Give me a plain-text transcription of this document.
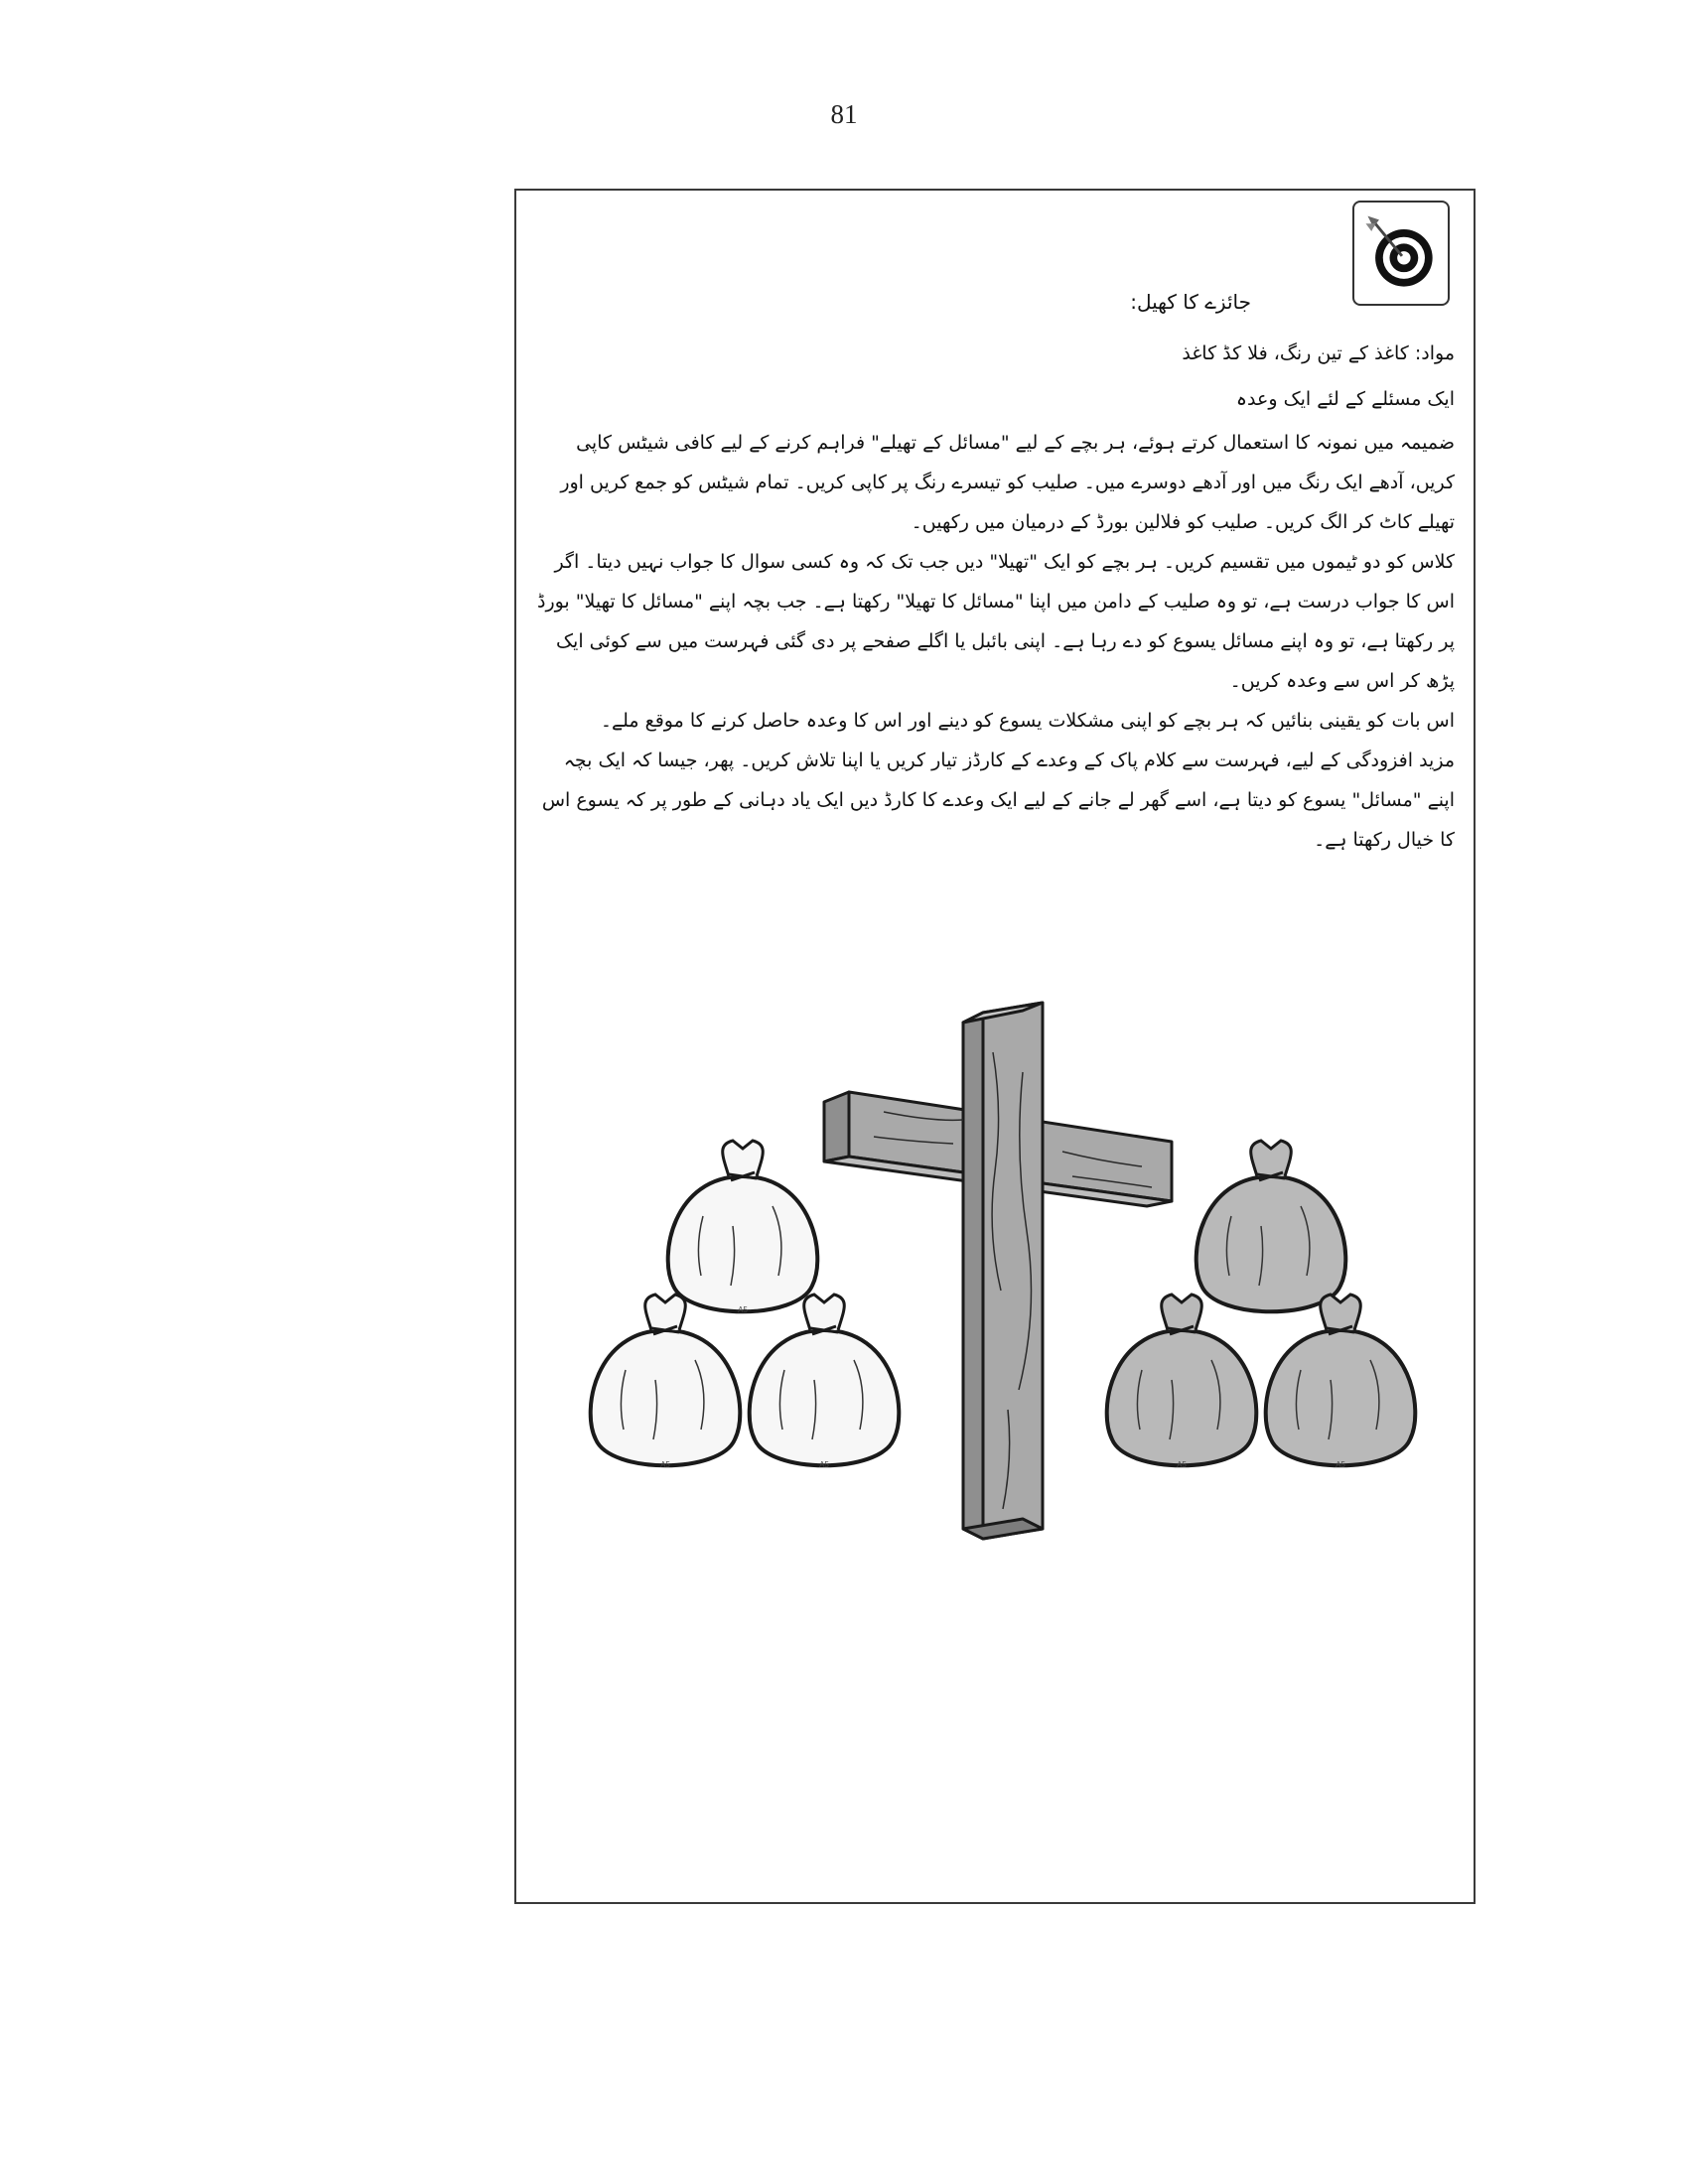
81
جائزے کا کھیل:

مواد: کاغذ کے تین رنگ، فلا کڈ کاغذ

ایک مسئلے کے لئے ایک وعدہ

ضمیمہ میں نمونہ کا استعمال کرتے ہوئے، ہر بچے کے لیے "مسائل کے تھیلے" فراہم کرنے کے لیے کافی شیٹس کاپی کریں، آدھے ایک رنگ میں اور آدھے دوسرے میں۔ صلیب کو تیسرے رنگ پر کاپی کریں۔ تمام شیٹس کو جمع کریں اور تھیلے کاٹ کر الگ کریں۔ صلیب کو فلالین بورڈ کے درمیان میں رکھیں۔

کلاس کو دو ٹیموں میں تقسیم کریں۔ ہر بچے کو ایک "تھیلا" دیں جب تک کہ وہ کسی سوال کا جواب نہیں دیتا۔ اگر اس کا جواب درست ہے، تو وہ صلیب کے دامن میں اپنا "مسائل کا تھیلا" رکھتا ہے۔ جب بچہ اپنے "مسائل کا تھیلا" بورڈ پر رکھتا ہے، تو وہ اپنے مسائل یسوع کو دے رہا ہے۔ اپنی بائبل یا اگلے صفحے پر دی گئی فہرست میں سے کوئی ایک پڑھ کر اس سے وعدہ کریں۔

اس بات کو یقینی بنائیں کہ ہر بچے کو اپنی مشکلات یسوع کو دینے اور اس کا وعدہ حاصل کرنے کا موقع ملے۔

مزید افزودگی کے لیے، فہرست سے کلام پاک کے وعدے کے کارڈز تیار کریں یا اپنا تلاش کریں۔ پھر، جیسا کہ ایک بچہ اپنے "مسائل" یسوع کو دیتا ہے، اسے گھر لے جانے کے لیے ایک وعدے کا کارڈ دیں ایک یاد دہانی کے طور پر کہ یسوع اس کا خیال رکھتا ہے۔

A5
A5	A5	A5	A5
